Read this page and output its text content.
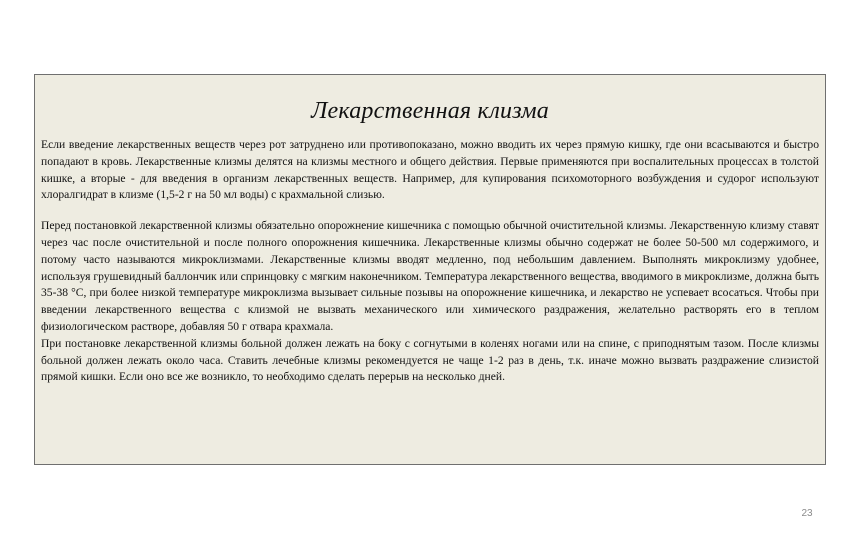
Лекарственная клизма

Если введение лекарственных веществ через рот затруднено или противопоказано, можно вводить их через прямую кишку, где они всасываются и быстро попадают в кровь. Лекарственные клизмы делятся на клизмы местного и общего действия. Первые применяются при воспалительных процессах в толстой кишке, а вторые - для введения в организм лекарственных веществ. Например, для купирования психомоторного возбуждения и судорог используют хлоралгидрат в клизме (1,5-2 г на 50 мл воды) с крахмальной слизью.

Перед постановкой лекарственной клизмы обязательно опорожнение кишечника с помощью обычной очистительной клизмы. Лекарственную клизму ставят через час после очистительной и после полного опорожнения кишечника. Лекарственные клизмы обычно содержат не более 50-500 мл содержимого, и потому часто называются микроклизмами. Лекарственные клизмы вводят медленно, под небольшим давлением. Выполнять микроклизму удобнее, используя грушевидный баллончик или спринцовку с мягким наконечником. Температура лекарственного вещества, вводимого в микроклизме, должна быть 35-38 °С, при более низкой температуре микроклизма вызывает сильные позывы на опорожнение кишечника, и лекарство не успевает всосаться. Чтобы при введении лекарственного вещества с клизмой не вызвать механического или химического раздражения, желательно растворять его в теплом физиологическом растворе, добавляя 50 г отвара крахмала.

При постановке лекарственной клизмы больной должен лежать на боку с согнутыми в коленях ногами или на спине, с приподнятым тазом. После клизмы больной должен лежать около часа. Ставить лечебные клизмы рекомендуется не чаще 1-2 раз в день, т.к. иначе можно вызвать раздражение слизистой прямой кишки. Если оно все же возникло, то необходимо сделать перерыв на несколько дней.

23
